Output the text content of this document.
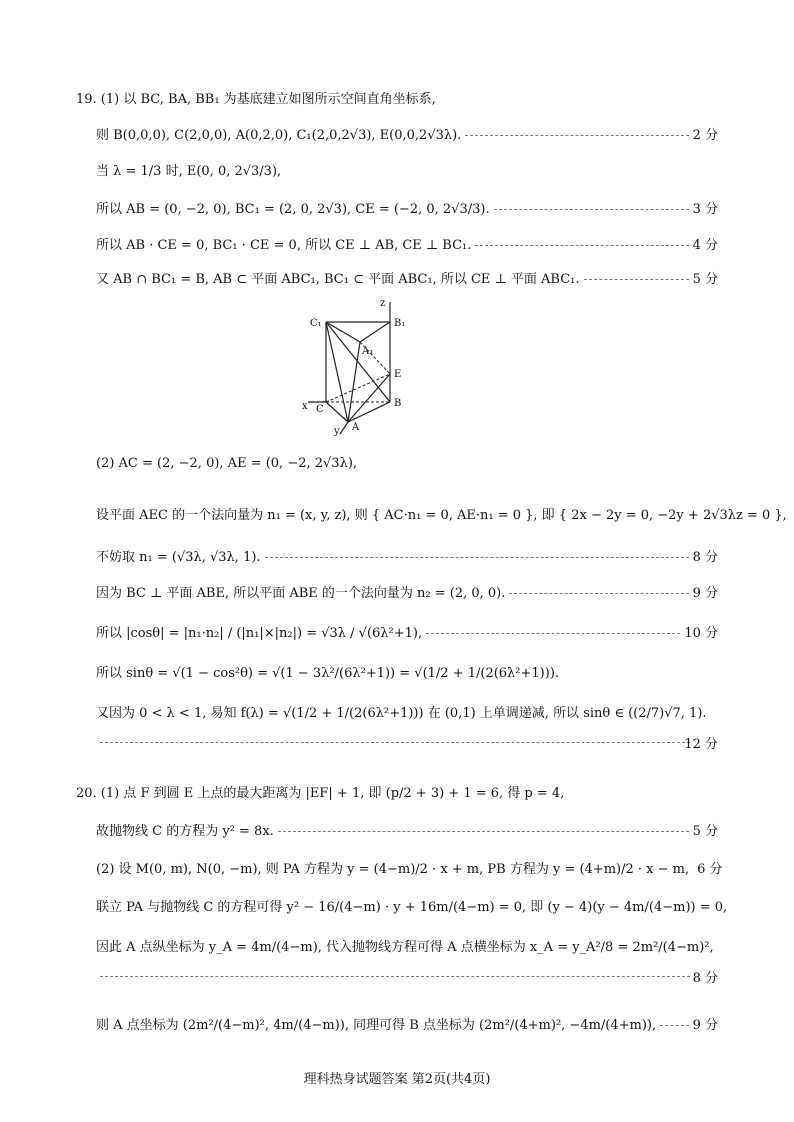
19. (1) 以 BC, BA, BB₁ 为基底建立如图所示空间直角坐标系,
则 B(0,0,0), C(2,0,0), A(0,2,0), C₁(2,0,2√3), E(0,0,2√3λ).	2 分
当 λ = 1/3 时, E(0, 0, 2√3/3),
所以 AB = (0, −2, 0), BC₁ = (2, 0, 2√3), CE = (−2, 0, 2√3/3).	3 分
所以 AB · CE = 0, BC₁ · CE = 0, 所以 CE ⊥ AB, CE ⊥ BC₁.	4 分
又 AB ∩ BC₁ = B, AB ⊂ 平面 ABC₁, BC₁ ⊂ 平面 ABC₁, 所以 CE ⊥ 平面 ABC₁.	5 分
C₁	B₁
A₁
E
C
B
A
x
y
z
(2) AC = (2, −2, 0), AE = (0, −2, 2√3λ),
设平面 AEC 的一个法向量为 n₁ = (x, y, z), 则 { AC·n₁ = 0, AE·n₁ = 0 }, 即 { 2x − 2y = 0, −2y + 2√3λz = 0 },
不妨取 n₁ = (√3λ, √3λ, 1).	8 分
因为 BC ⊥ 平面 ABE, 所以平面 ABE 的一个法向量为 n₂ = (2, 0, 0).	9 分
所以 |cosθ| = |n₁·n₂| / (|n₁|×|n₂|) = √3λ / √(6λ²+1),	10 分
所以 sinθ = √(1 − cos²θ) = √(1 − 3λ²/(6λ²+1)) = √(1/2 + 1/(2(6λ²+1))).
又因为 0 < λ < 1, 易知 f(λ) = √(1/2 + 1/(2(6λ²+1))) 在 (0,1) 上单调递减, 所以 sinθ ∈ ((2/7)√7, 1).
12 分
20. (1) 点 F 到圆 E 上点的最大距离为 |EF| + 1, 即 (p/2 + 3) + 1 = 6, 得 p = 4,
故抛物线 C 的方程为 y² = 8x.	5 分
(2) 设 M(0, m), N(0, −m), 则 PA 方程为 y = (4−m)/2 · x + m, PB 方程为 y = (4+m)/2 · x − m, 6 分
联立 PA 与抛物线 C 的方程可得 y² − 16/(4−m) · y + 16m/(4−m) = 0, 即 (y − 4)(y − 4m/(4−m)) = 0,
因此 A 点纵坐标为 y_A = 4m/(4−m), 代入抛物线方程可得 A 点横坐标为 x_A = y_A²/8 = 2m²/(4−m)²,
8 分
则 A 点坐标为 (2m²/(4−m)², 4m/(4−m)), 同理可得 B 点坐标为 (2m²/(4+m)², −4m/(4+m)),	9 分
理科热身试题答案 第2页(共4页)
